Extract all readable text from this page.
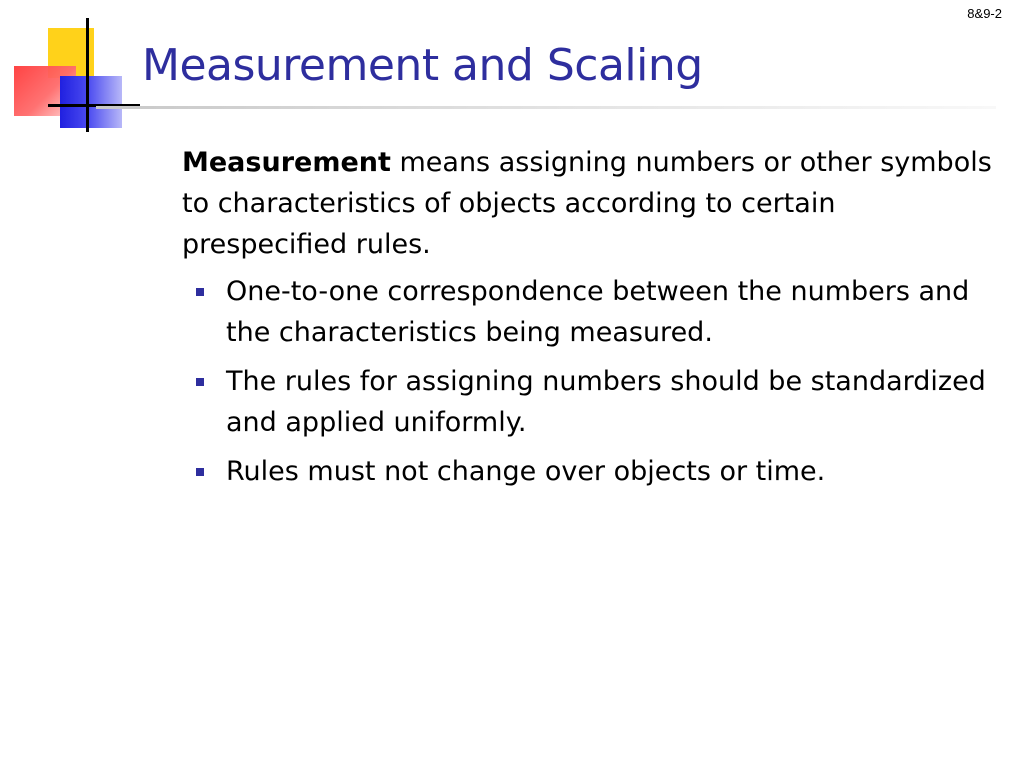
8&9-2
Measurement and Scaling

Measurement means assigning numbers or other symbols to characteristics of objects according to certain prespecified rules.

One-to-one correspondence between the numbers and the characteristics being measured.
The rules for assigning numbers should be standardized and applied uniformly.
Rules must not change over objects or time.
